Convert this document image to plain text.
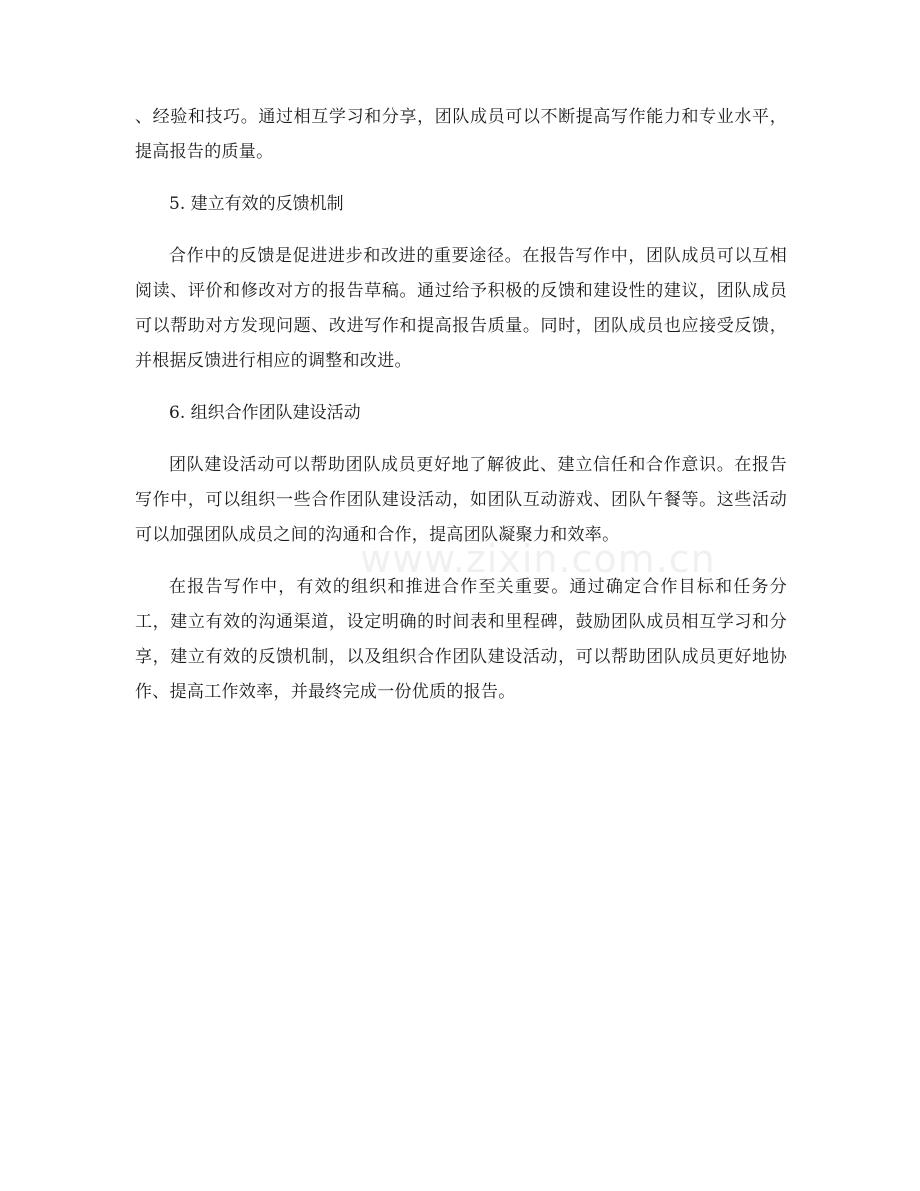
、经验和技巧。通过相互学习和分享，团队成员可以不断提高写作能力和专业水平，提高报告的质量。

5. 建立有效的反馈机制

合作中的反馈是促进进步和改进的重要途径。在报告写作中，团队成员可以互相阅读、评价和修改对方的报告草稿。通过给予积极的反馈和建设性的建议，团队成员可以帮助对方发现问题、改进写作和提高报告质量。同时，团队成员也应接受反馈，并根据反馈进行相应的调整和改进。

6. 组织合作团队建设活动

团队建设活动可以帮助团队成员更好地了解彼此、建立信任和合作意识。在报告写作中，可以组织一些合作团队建设活动，如团队互动游戏、团队午餐等。这些活动可以加强团队成员之间的沟通和合作，提高团队凝聚力和效率。

在报告写作中，有效的组织和推进合作至关重要。通过确定合作目标和任务分工，建立有效的沟通渠道，设定明确的时间表和里程碑，鼓励团队成员相互学习和分享，建立有效的反馈机制，以及组织合作团队建设活动，可以帮助团队成员更好地协作、提高工作效率，并最终完成一份优质的报告。

www.zixin.com.cn
